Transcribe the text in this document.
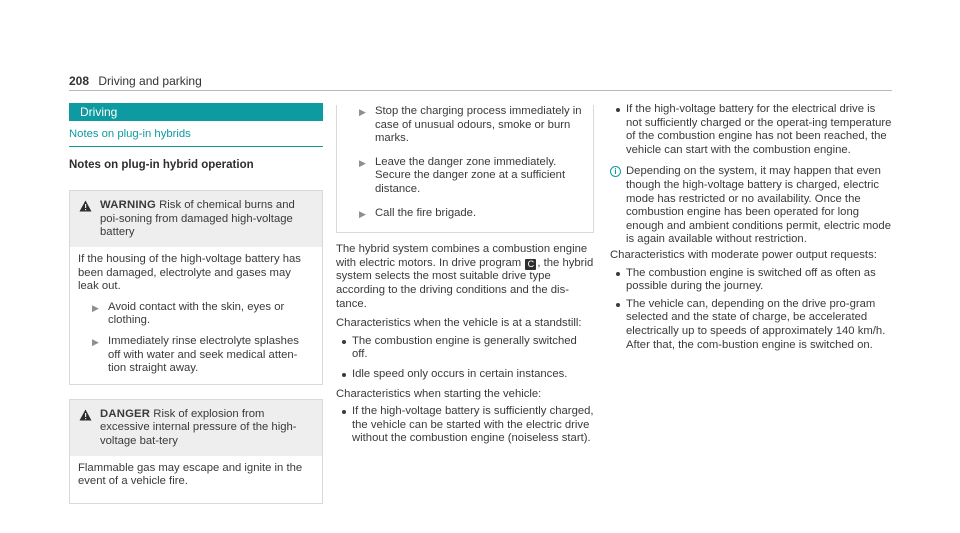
208 Driving and parking
Driving
Notes on plug-in hybrids
Notes on plug-in hybrid operation
WARNING Risk of chemical burns and poi-soning from damaged high-voltage battery

If the housing of the high-voltage battery has been damaged, electrolyte and gases may leak out.

▶ Avoid contact with the skin, eyes or clothing.
▶ Immediately rinse electrolyte splashes off with water and seek medical atten-tion straight away.
DANGER Risk of explosion from excessive internal pressure of the high-voltage bat-tery

Flammable gas may escape and ignite in the event of a vehicle fire.

▶ Stop the charging process immediately in case of unusual odours, smoke or burn marks.
▶ Leave the danger zone immediately. Secure the danger zone at a sufficient distance.
▶ Call the fire brigade.
The hybrid system combines a combustion engine with electric motors. In drive program C , the hybrid system selects the most suitable drive type according to the driving conditions and the dis-tance.
Characteristics when the vehicle is at a standstill:
The combustion engine is generally switched off.
Idle speed only occurs in certain instances.
Characteristics when starting the vehicle:
If the high-voltage battery is sufficiently charged, the vehicle can be started with the electric drive without the combustion engine (noiseless start).
If the high-voltage battery for the electrical drive is not sufficiently charged or the operat-ing temperature of the combustion engine has not been reached, the vehicle can start with the combustion engine.
i Depending on the system, it may happen that even though the high-voltage battery is charged, electric mode has restricted or no availability. Once the combustion engine has been operated for long enough and ambient conditions permit, electric mode is again available without restriction.
Characteristics with moderate power output requests:
The combustion engine is switched off as often as possible during the journey.
The vehicle can, depending on the drive pro-gram selected and the state of charge, be accelerated electrically up to speeds of approximately 140 km/h. After that, the com-bustion engine is switched on.
